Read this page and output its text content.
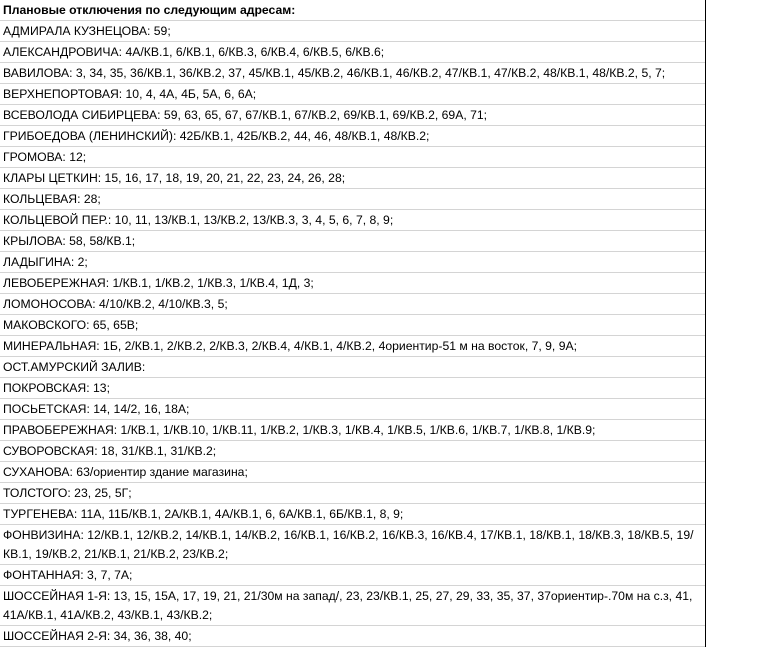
Плановые отключения по следующим адресам:
АДМИРАЛА КУЗНЕЦОВА: 59;
АЛЕКСАНДРОВИЧА: 4А/КВ.1, 6/КВ.1, 6/КВ.3, 6/КВ.4, 6/КВ.5, 6/КВ.6;
ВАВИЛОВА: 3, 34, 35, 36/КВ.1, 36/КВ.2, 37, 45/КВ.1, 45/КВ.2, 46/КВ.1, 46/КВ.2, 47/КВ.1, 47/КВ.2, 48/КВ.1, 48/КВ.2, 5, 7;
ВЕРХНЕПОРТОВАЯ: 10, 4, 4А, 4Б, 5А, 6, 6А;
ВСЕВОЛОДА СИБИРЦЕВА: 59, 63, 65, 67, 67/КВ.1, 67/КВ.2, 69/КВ.1, 69/КВ.2, 69А, 71;
ГРИБОЕДОВА (ЛЕНИНСКИЙ): 42Б/КВ.1, 42Б/КВ.2, 44, 46, 48/КВ.1, 48/КВ.2;
ГРОМОВА: 12;
КЛАРЫ ЦЕТКИН: 15, 16, 17, 18, 19, 20, 21, 22, 23, 24, 26, 28;
КОЛЬЦЕВАЯ: 28;
КОЛЬЦЕВОЙ ПЕР.: 10, 11, 13/КВ.1, 13/КВ.2, 13/КВ.3, 3, 4, 5, 6, 7, 8, 9;
КРЫЛОВА: 58, 58/КВ.1;
ЛАДЫГИНА: 2;
ЛЕВОБЕРЕЖНАЯ: 1/КВ.1, 1/КВ.2, 1/КВ.3, 1/КВ.4, 1Д, 3;
ЛОМОНОСОВА: 4/10/КВ.2, 4/10/КВ.3, 5;
МАКОВСКОГО: 65, 65В;
МИНЕРАЛЬНАЯ: 1Б, 2/КВ.1, 2/КВ.2, 2/КВ.3, 2/КВ.4, 4/КВ.1, 4/КВ.2, 4ориентир-51 м на восток, 7, 9, 9А;
ОСТ.АМУРСКИЙ ЗАЛИВ:
ПОКРОВСКАЯ: 13;
ПОСЬЕТСКАЯ: 14, 14/2, 16, 18А;
ПРАВОБЕРЕЖНАЯ: 1/КВ.1, 1/КВ.10, 1/КВ.11, 1/КВ.2, 1/КВ.3, 1/КВ.4, 1/КВ.5, 1/КВ.6, 1/КВ.7, 1/КВ.8, 1/КВ.9;
СУВОРОВСКАЯ: 18, 31/КВ.1, 31/КВ.2;
СУХАНОВА: 63/ориентир здание магазина;
ТОЛСТОГО: 23, 25, 5Г;
ТУРГЕНЕВА: 11А, 11Б/КВ.1, 2А/КВ.1, 4А/КВ.1, 6, 6А/КВ.1, 6Б/КВ.1, 8, 9;
ФОНВИЗИНА: 12/КВ.1, 12/КВ.2, 14/КВ.1, 14/КВ.2, 16/КВ.1, 16/КВ.2, 16/КВ.3, 16/КВ.4, 17/КВ.1, 18/КВ.1, 18/КВ.3, 18/КВ.5, 19/КВ.1, 19/КВ.2, 21/КВ.1, 21/КВ.2, 23/КВ.2;
ФОНТАННАЯ: 3, 7, 7А;
ШОССЕЙНАЯ 1-Я: 13, 15, 15А, 17, 19, 21, 21/30м на запад/, 23, 23/КВ.1, 25, 27, 29, 33, 35, 37, 37ориентир-.70м на с.з, 41, 41А/КВ.1, 41А/КВ.2, 43/КВ.1, 43/КВ.2;
ШОССЕЙНАЯ 2-Я: 34, 36, 38, 40;
